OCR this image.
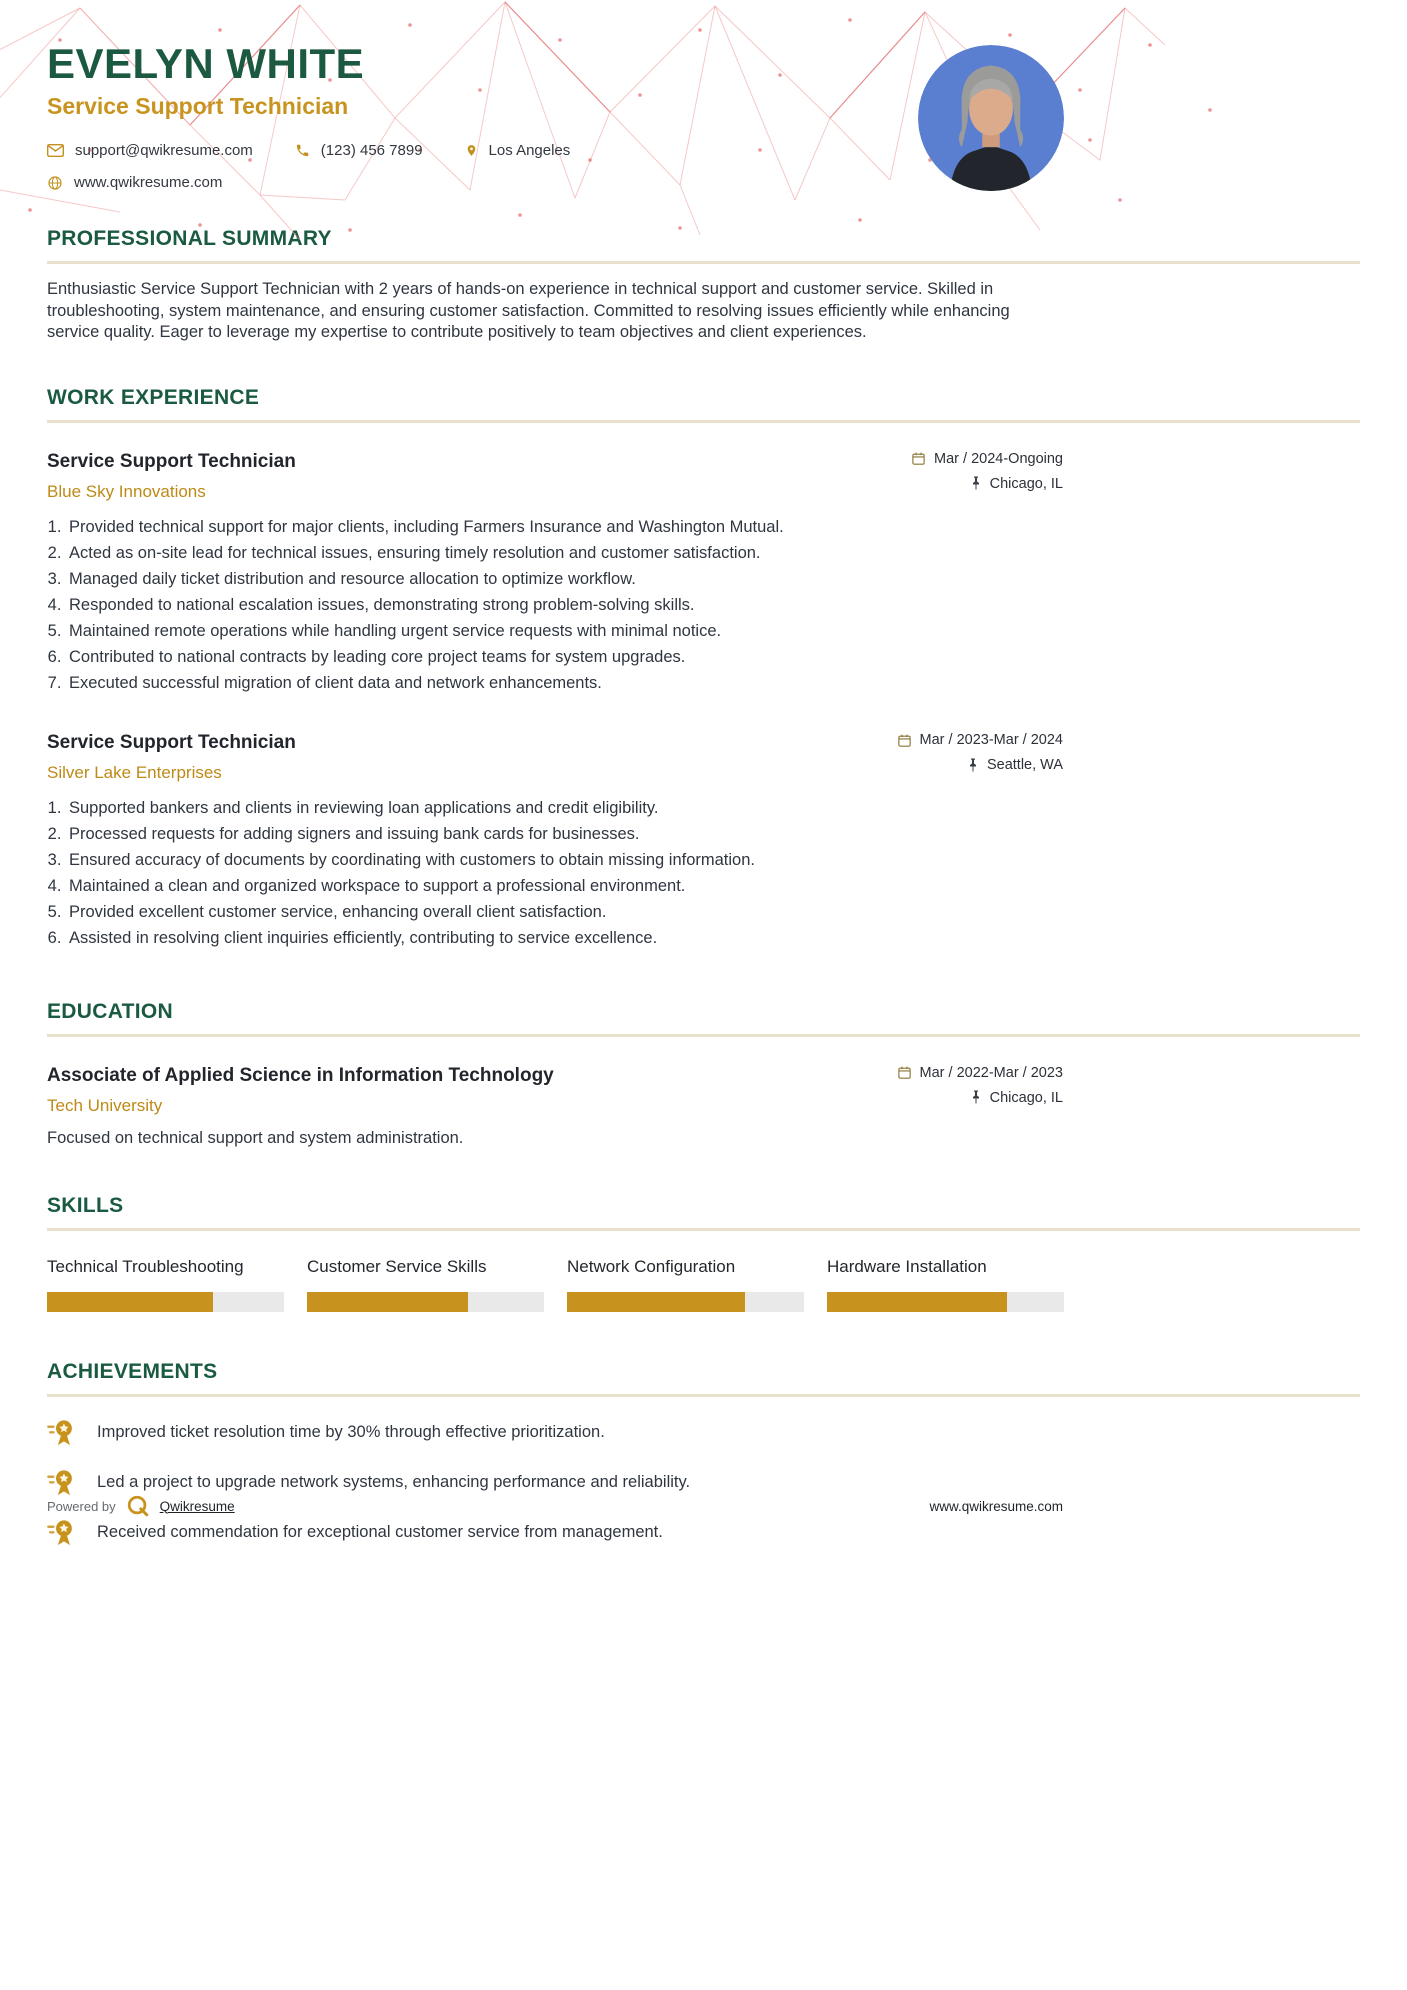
EVELYN WHITE
Service Support Technician
support@qwikresume.com	(123) 456 7899	Los Angeles
www.qwikresume.com
PROFESSIONAL SUMMARY

Enthusiastic Service Support Technician with 2 years of hands-on experience in technical support and customer service. Skilled in troubleshooting, system maintenance, and ensuring customer satisfaction. Committed to resolving issues efficiently while enhancing service quality. Eager to leverage my expertise to contribute positively to team objectives and client experiences.

WORK EXPERIENCE
Service Support Technician
Blue Sky Innovations
Mar / 2024-Ongoing
Chicago, IL
1. Provided technical support for major clients, including Farmers Insurance and Washington Mutual.
2. Acted as on-site lead for technical issues, ensuring timely resolution and customer satisfaction.
3. Managed daily ticket distribution and resource allocation to optimize workflow.
4. Responded to national escalation issues, demonstrating strong problem-solving skills.
5. Maintained remote operations while handling urgent service requests with minimal notice.
6. Contributed to national contracts by leading core project teams for system upgrades.
7. Executed successful migration of client data and network enhancements.
Service Support Technician
Silver Lake Enterprises
Mar / 2023-Mar / 2024
Seattle, WA
1. Supported bankers and clients in reviewing loan applications and credit eligibility.
2. Processed requests for adding signers and issuing bank cards for businesses.
3. Ensured accuracy of documents by coordinating with customers to obtain missing information.
4. Maintained a clean and organized workspace to support a professional environment.
5. Provided excellent customer service, enhancing overall client satisfaction.
6. Assisted in resolving client inquiries efficiently, contributing to service excellence.
EDUCATION
Associate of Applied Science in Information Technology
Tech University
Mar / 2022-Mar / 2023
Chicago, IL
Focused on technical support and system administration.
SKILLS
Technical Troubleshooting	Customer Service Skills	Network Configuration	Hardware Installation
ACHIEVEMENTS
Improved ticket resolution time by 30% through effective prioritization.
Led a project to upgrade network systems, enhancing performance and reliability.
Received commendation for exceptional customer service from management.
Powered by	Qwikresume	www.qwikresume.com
